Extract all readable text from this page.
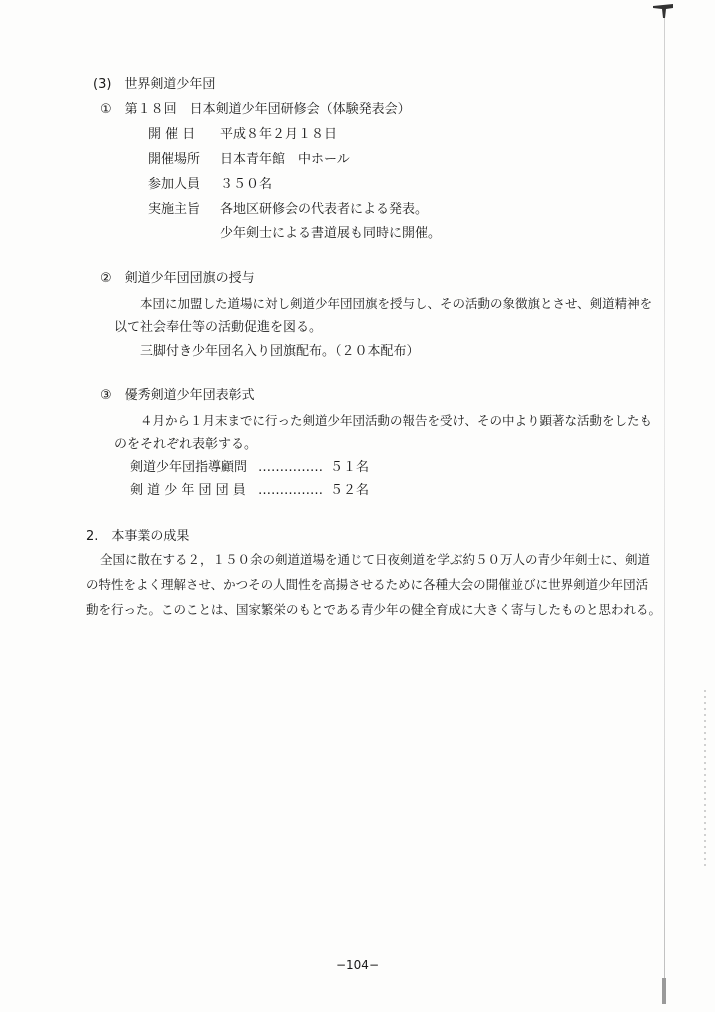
(3)　世界剣道少年団
①　第１８回　日本剣道少年団研修会（体験発表会）
開 催 日 平成８年２月１８日
開催場所 日本青年館　中ホール
参加人員 ３５０名
実施主旨 各地区研修会の代表者による発表。
少年剣士による書道展も同時に開催。
②　剣道少年団団旗の授与
本団に加盟した道場に対し剣道少年団団旗を授与し、その活動の象徴旗とさせ、剣道精神を
以て社会奉仕等の活動促進を図る。
三脚付き少年団名入り団旗配布。（２０本配布）
③　優秀剣道少年団表彰式
４月から１月末までに行った剣道少年団活動の報告を受け、その中より顕著な活動をしたも
のをそれぞれ表彰する。
剣道少年団指導顧問 …………… ５１名
剣 道 少 年 団 団 員 …………… ５２名
2.　本事業の成果
全国に散在する２，１５０余の剣道道場を通じて日夜剣道を学ぶ約５０万人の青少年剣士に、剣道
の特性をよく理解させ、かつその人間性を高揚させるために各種大会の開催並びに世界剣道少年団活
動を行った。このことは、国家繁栄のもとである青少年の健全育成に大きく寄与したものと思われる。
−104−
